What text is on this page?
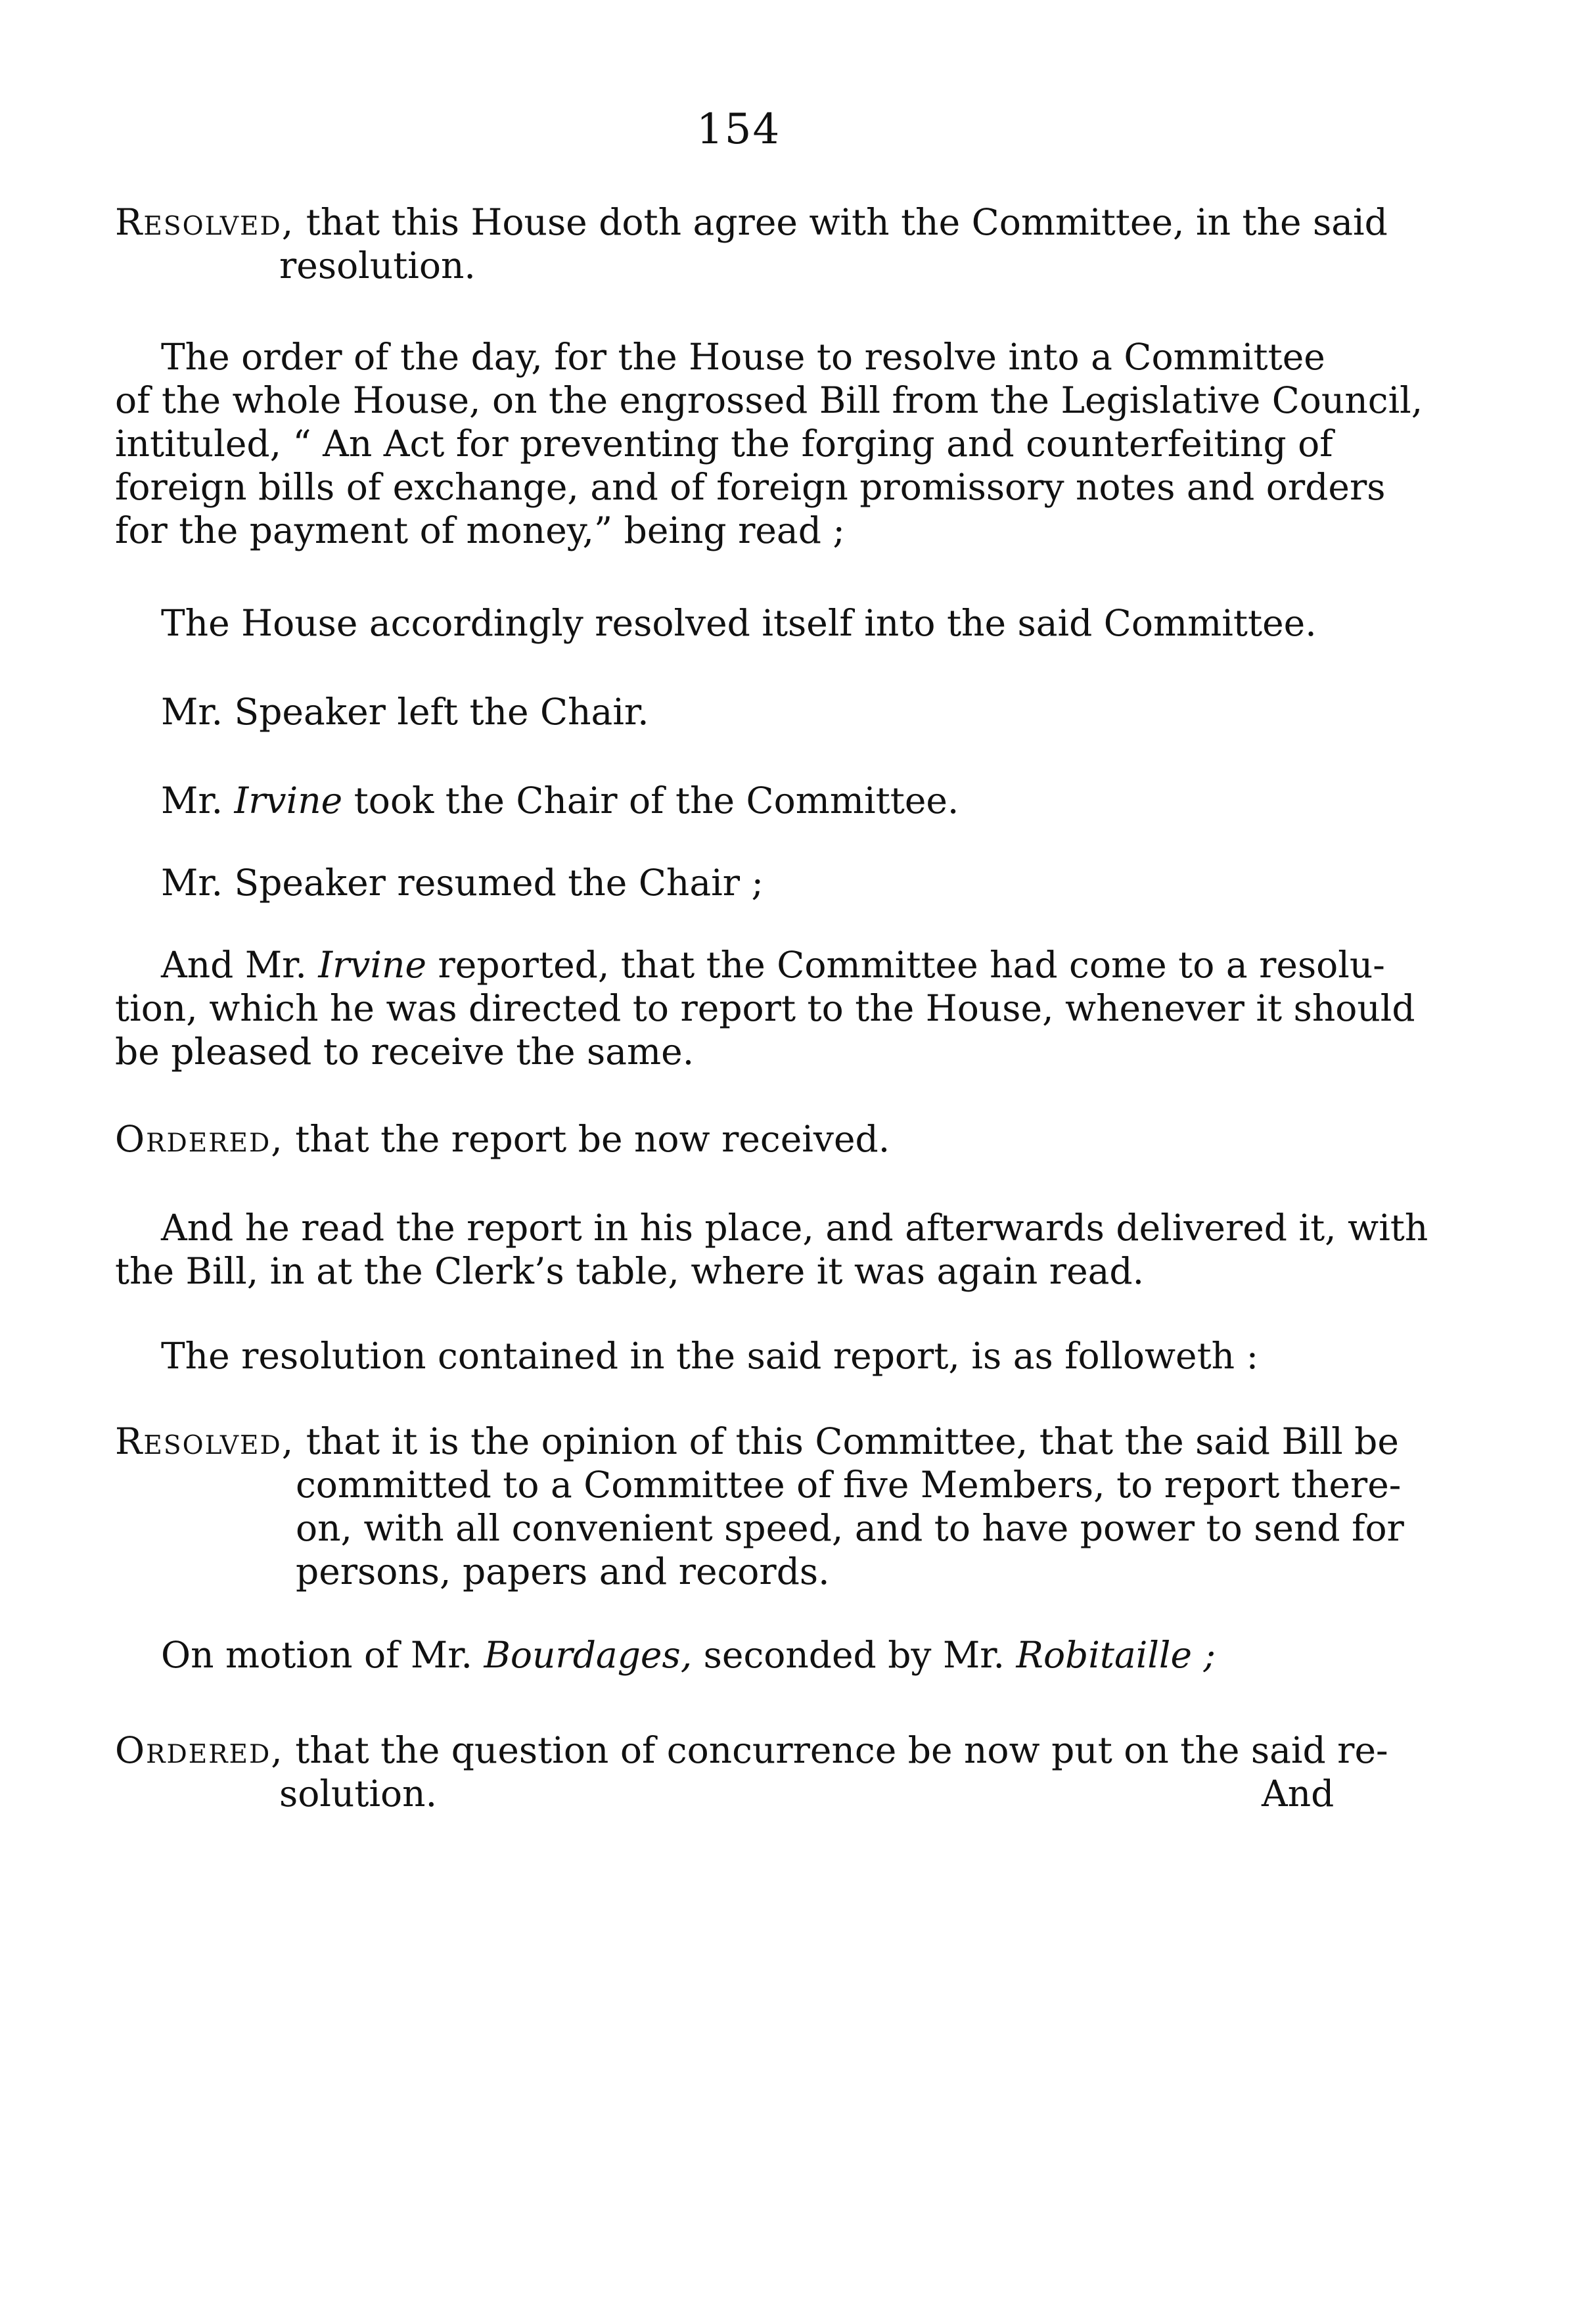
154
Resolved, that this House doth agree with the Committee, in the said
resolution.
The order of the day, for the House to resolve into a Committee
of the whole House, on the engrossed Bill from the Legislative Council,
intituled, “ An Act for preventing the forging and counterfeiting of
foreign bills of exchange, and of foreign promissory notes and orders
for the payment of money,” being read ;
The House accordingly resolved itself into the said Committee.
Mr. Speaker left the Chair.
Mr. Irvine took the Chair of the Committee.
Mr. Speaker resumed the Chair ;
And Mr. Irvine reported, that the Committee had come to a resolu-
tion, which he was directed to report to the House, whenever it should
be pleased to receive the same.
Ordered, that the report be now received.
And he read the report in his place, and afterwards delivered it, with
the Bill, in at the Clerk’s table, where it was again read.
The resolution contained in the said report, is as followeth :
Resolved, that it is the opinion of this Committee, that the said Bill be
committed to a Committee of five Members, to report there-
on, with all convenient speed, and to have power to send for
persons, papers and records.
On motion of Mr. Bourdages, seconded by Mr. Robitaille ;
Ordered, that the question of concurrence be now put on the said re-
solution.	And
